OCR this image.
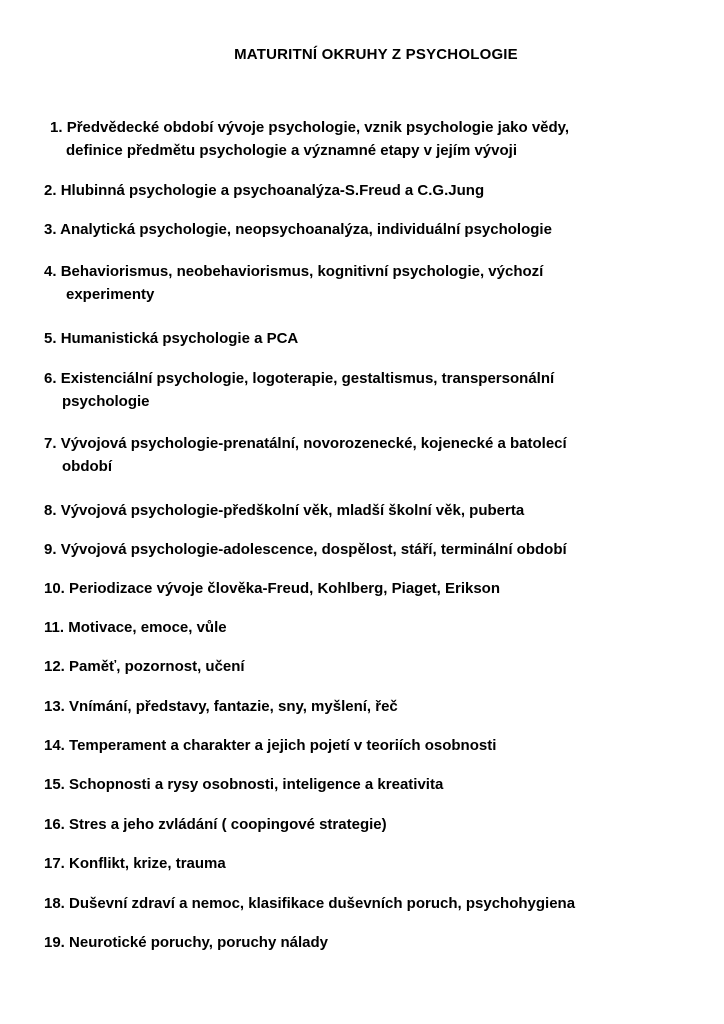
MATURITNÍ OKRUHY Z PSYCHOLOGIE
1. Předvědecké období vývoje psychologie, vznik psychologie jako vědy,
definice předmětu psychologie a významné etapy v jejím vývoji
2. Hlubinná psychologie a psychoanalýza-S.Freud a C.G.Jung
3. Analytická psychologie, neopsychoanalýza, individuální psychologie
4. Behaviorismus, neobehaviorismus, kognitivní psychologie, výchozí
experimenty
5. Humanistická psychologie a PCA
6. Existenciální psychologie, logoterapie, gestaltismus, transpersonální
psychologie
7. Vývojová psychologie-prenatální, novorozenecké, kojenecké a batolecí
období
8. Vývojová psychologie-předškolní věk, mladší školní věk, puberta
9. Vývojová psychologie-adolescence, dospělost, stáří, terminální období
10. Periodizace vývoje člověka-Freud, Kohlberg, Piaget, Erikson
11. Motivace, emoce, vůle
12. Paměť, pozornost, učení
13. Vnímání, představy, fantazie, sny, myšlení, řeč
14. Temperament a charakter a jejich pojetí v teoriích osobnosti
15. Schopnosti a rysy osobnosti, inteligence a kreativita
16. Stres a jeho zvládání ( coopingové strategie)
17. Konflikt, krize, trauma
18. Duševní zdraví a nemoc, klasifikace duševních poruch, psychohygiena
19. Neurotické poruchy, poruchy nálady
